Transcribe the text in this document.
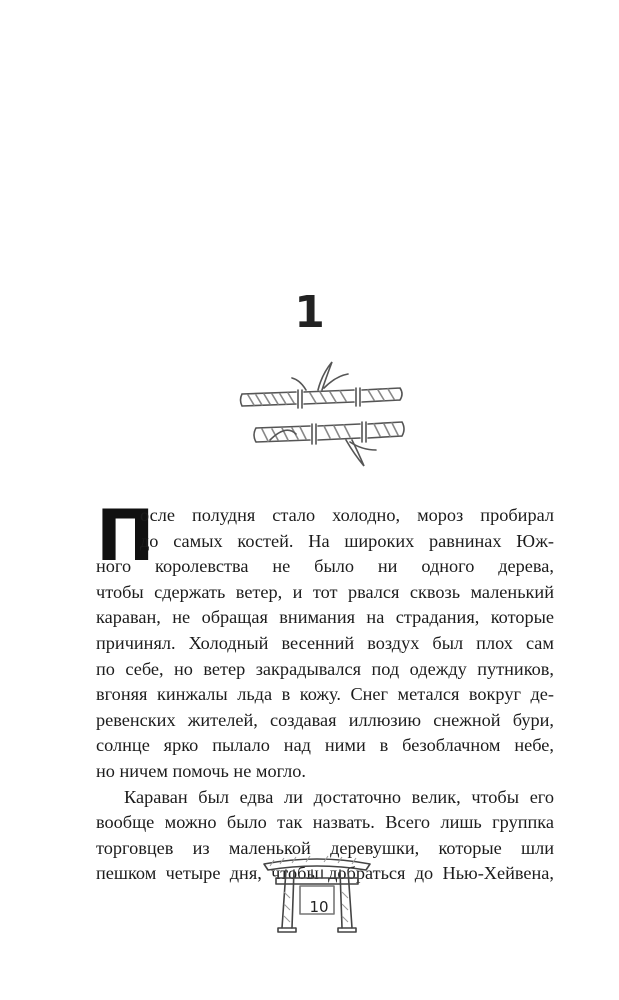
1
П
осле полудня стало холодно, мороз пробирал
до самых костей. На широких равнинах Юж-
ного королевства не было ни одного дерева,
чтобы сдержать ветер, и тот рвался сквозь маленький
караван, не обращая внимания на страдания, которые
причинял. Холодный весенний воздух был плох сам
по себе, но ветер закрадывался под одежду путников,
вгоняя кинжалы льда в кожу. Снег метался вокруг де-
ревенских жителей, создавая иллюзию снежной бури,
солнце ярко пылало над ними в безоблачном небе,
но ничем помочь не могло.
Караван был едва ли достаточно велик, чтобы его
вообще можно было так назвать. Всего лишь группка
торговцев из маленькой деревушки, которые шли
пешком четыре дня, чтобы добраться до Нью-Хейвена,
10
